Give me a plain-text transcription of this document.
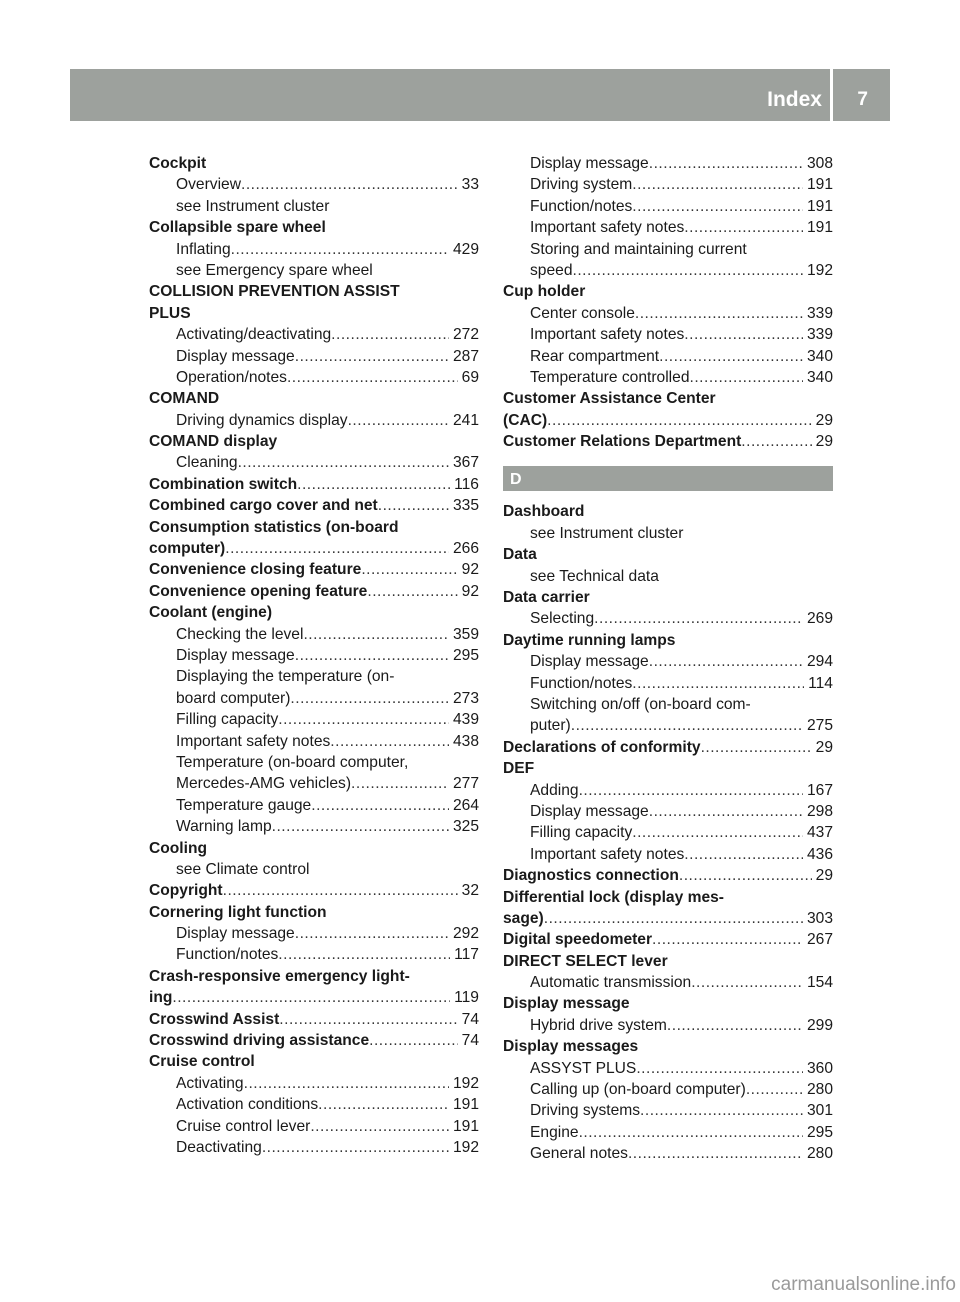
Index 7
Cockpit
Overview .....	33
see Instrument cluster
Collapsible spare wheel
Inflating .....	429
see Emergency spare wheel
COLLISION PREVENTION ASSIST
PLUS
Activating/deactivating .....	272
Display message .....	287
Operation/notes .....	69
COMAND
Driving dynamics display .....	241
COMAND display
Cleaning .....	367
Combination switch .....	116
Combined cargo cover and net .....	335
Consumption statistics (on-board
computer) .....	266
Convenience closing feature .....	92
Convenience opening feature .....	92
Coolant (engine)
Checking the level .....	359
Display message .....	295
Displaying the temperature (on-
board computer) .....	273
Filling capacity .....	439
Important safety notes .....	438
Temperature (on-board computer,
Mercedes-AMG vehicles) .....	277
Temperature gauge .....	264
Warning lamp .....	325
Cooling
see Climate control
Copyright .....	32
Cornering light function
Display message .....	292
Function/notes .....	117
Crash-responsive emergency light-
ing .....	119
Crosswind Assist .....	74
Crosswind driving assistance .....	74
Cruise control
Activating .....	192
Activation conditions .....	191
Cruise control lever .....	191
Deactivating .....	192
Display message .....	308
Driving system .....	191
Function/notes .....	191
Important safety notes .....	191
Storing and maintaining current
speed .....	192
Cup holder
Center console .....	339
Important safety notes .....	339
Rear compartment .....	340
Temperature controlled .....	340
Customer Assistance Center
(CAC) .....	29
Customer Relations Department .....	29
D
Dashboard
see Instrument cluster
Data
see Technical data
Data carrier
Selecting .....	269
Daytime running lamps
Display message .....	294
Function/notes .....	114
Switching on/off (on-board com-
puter) .....	275
Declarations of conformity .....	29
DEF
Adding .....	167
Display message .....	298
Filling capacity .....	437
Important safety notes .....	436
Diagnostics connection .....	29
Differential lock (display mes-
sage) .....	303
Digital speedometer .....	267
DIRECT SELECT lever
Automatic transmission .....	154
Display message
Hybrid drive system .....	299
Display messages
ASSYST PLUS .....	360
Calling up (on-board computer) .....	280
Driving systems .....	301
Engine .....	295
General notes .....	280
carmanualsonline.info
